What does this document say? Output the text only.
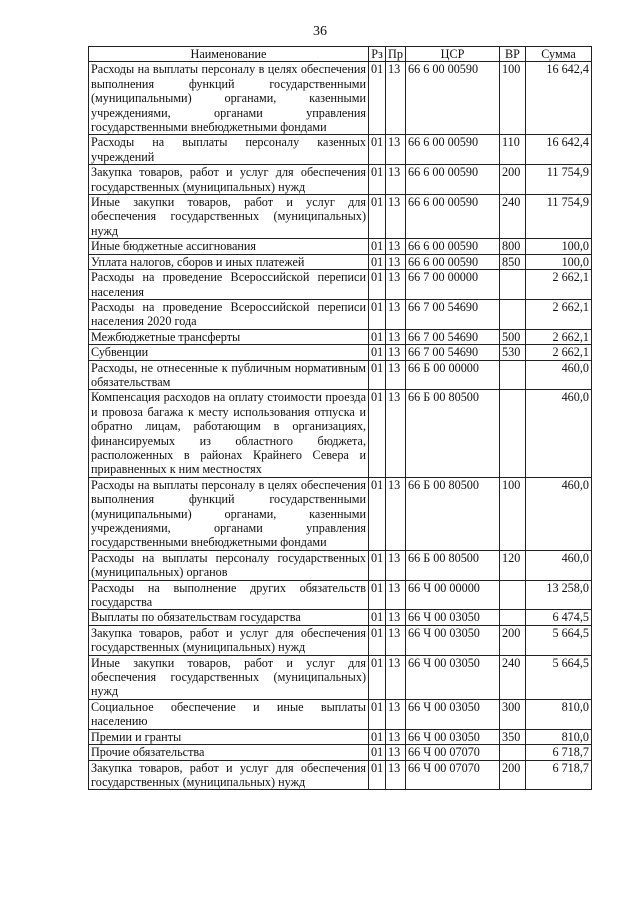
36
Наименование	Рз	Пр	ЦСР	ВР	Сумма
Расходы на выплаты персоналу в целях обеспечения выполнения функций государственными (муниципальными) органами, казенными учреждениями, органами управления государственными внебюджетными фондами	01	13	66 6 00 00590	100	16 642,4
Расходы на выплаты персоналу казенных учреждений	01	13	66 6 00 00590	110	16 642,4
Закупка товаров, работ и услуг для обеспечения государственных (муниципальных) нужд	01	13	66 6 00 00590	200	11 754,9
Иные закупки товаров, работ и услуг для обеспечения государственных (муниципальных) нужд	01	13	66 6 00 00590	240	11 754,9
Иные бюджетные ассигнования	01	13	66 6 00 00590	800	100,0
Уплата налогов, сборов и иных платежей	01	13	66 6 00 00590	850	100,0
Расходы на проведение Всероссийской переписи населения	01	13	66 7 00 00000		2 662,1
Расходы на проведение Всероссийской переписи населения 2020 года	01	13	66 7 00 54690		2 662,1
Межбюджетные трансферты	01	13	66 7 00 54690	500	2 662,1
Субвенции	01	13	66 7 00 54690	530	2 662,1
Расходы, не отнесенные к публичным нормативным обязательствам	01	13	66 Б 00 00000		460,0
Компенсация расходов на оплату стоимости проезда и провоза багажа к месту использования отпуска и обратно лицам, работающим в организациях, финансируемых из областного бюджета, расположенных в районах Крайнего Севера и приравненных к ним местностях	01	13	66 Б 00 80500		460,0
Расходы на выплаты персоналу в целях обеспечения выполнения функций государственными (муниципальными) органами, казенными учреждениями, органами управления государственными внебюджетными фондами	01	13	66 Б 00 80500	100	460,0
Расходы на выплаты персоналу государственных (муниципальных) органов	01	13	66 Б 00 80500	120	460,0
Расходы на выполнение других обязательств государства	01	13	66 Ч 00 00000		13 258,0
Выплаты по обязательствам государства	01	13	66 Ч 00 03050		6 474,5
Закупка товаров, работ и услуг для обеспечения государственных (муниципальных) нужд	01	13	66 Ч 00 03050	200	5 664,5
Иные закупки товаров, работ и услуг для обеспечения государственных (муниципальных) нужд	01	13	66 Ч 00 03050	240	5 664,5
Социальное обеспечение и иные выплаты населению	01	13	66 Ч 00 03050	300	810,0
Премии и гранты	01	13	66 Ч 00 03050	350	810,0
Прочие обязательства	01	13	66 Ч 00 07070		6 718,7
Закупка товаров, работ и услуг для обеспечения государственных (муниципальных) нужд	01	13	66 Ч 00 07070	200	6 718,7
